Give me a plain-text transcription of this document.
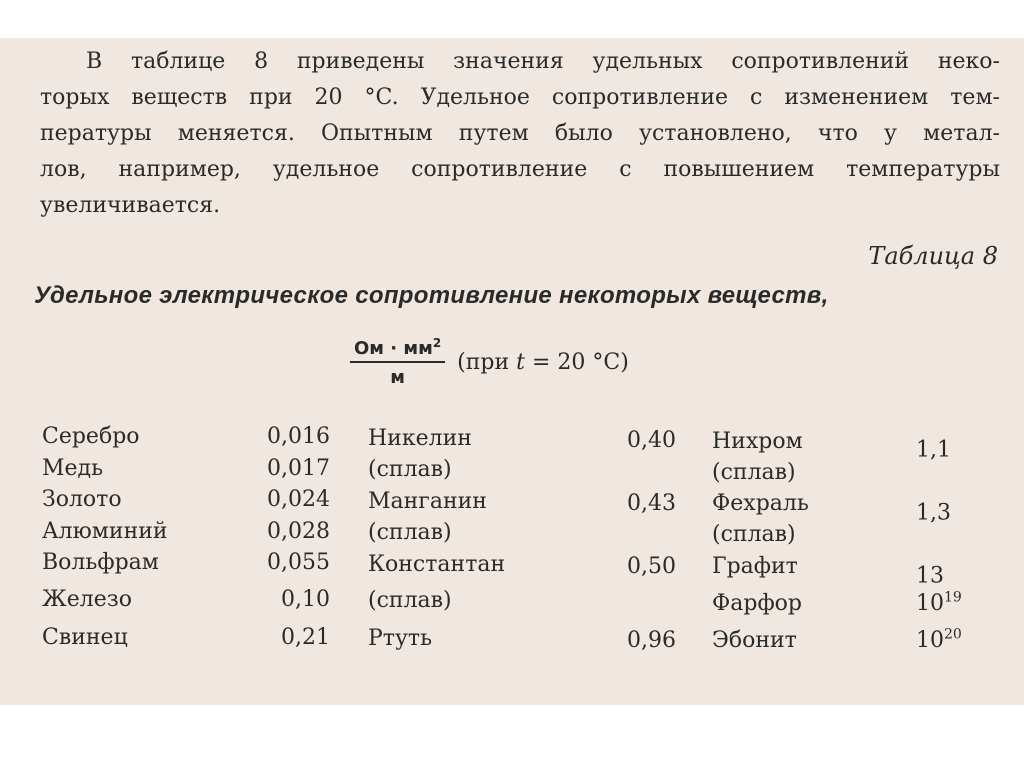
В таблице 8 приведены значения удельных сопротивлений неко-
торых веществ при 20 °C. Удельное сопротивление с изменением тем-
пературы меняется. Опытным путем было установлено, что у метал-
лов, например, удельное сопротивление с повышением температуры
увеличивается.

Таблица 8

Удельное электрическое сопротивление некоторых веществ,

$\frac{Ом \cdot мм^2}{м} (при$ t = 20 °C)
Серебро
Медь
Золото
Алюминий
Вольфрам
Железо
Свинец
0,016
0,017
0,024
0,028
0,055
0,10
0,21
Никелин
(сплав)
Манганин
(сплав)
Константан
(сплав)
Ртуть
0,40
0,43
0,50
0,96
Нихром
(сплав)
Фехраль
(сплав)
Графит
Фарфор
Эбонит
1,1
1,3
13
$10^{19}$
$10^{20}$
